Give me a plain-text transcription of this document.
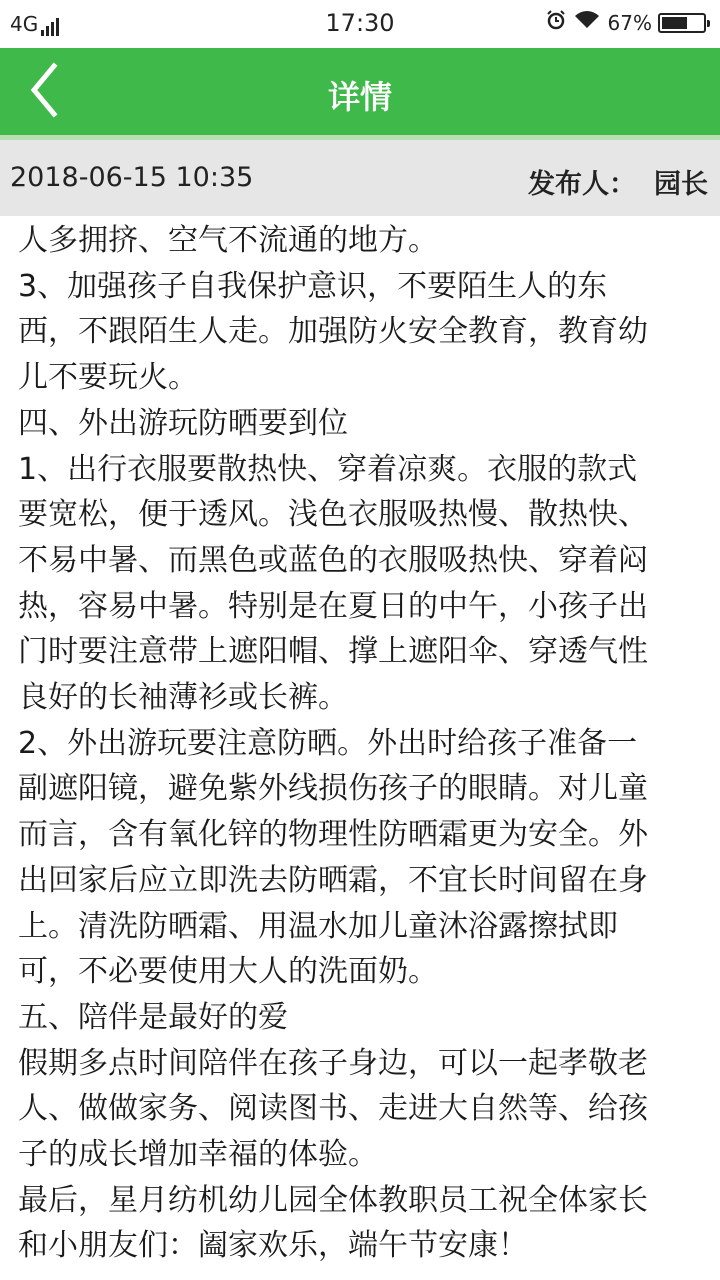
4G	17:30	67%
详情
2018-06-15 10:35	发布人： 园长

人多拥挤、空气不流通的地方。

3、加强孩子自我保护意识，不要陌生人的东

西，不跟陌生人走。加强防火安全教育，教育幼

儿不要玩火。

四、外出游玩防晒要到位

1、出行衣服要散热快、穿着凉爽。衣服的款式

要宽松，便于透风。浅色衣服吸热慢、散热快、

不易中暑、而黑色或蓝色的衣服吸热快、穿着闷

热，容易中暑。特别是在夏日的中午，小孩子出

门时要注意带上遮阳帽、撑上遮阳伞、穿透气性

良好的长袖薄衫或长裤。

2、外出游玩要注意防晒。外出时给孩子准备一

副遮阳镜，避免紫外线损伤孩子的眼睛。对儿童

而言，含有氧化锌的物理性防晒霜更为安全。外

出回家后应立即洗去防晒霜，不宜长时间留在身

上。清洗防晒霜、用温水加儿童沐浴露擦拭即

可，不必要使用大人的洗面奶。

五、陪伴是最好的爱

假期多点时间陪伴在孩子身边，可以一起孝敬老

人、做做家务、阅读图书、走进大自然等、给孩

子的成长增加幸福的体验。

最后，星月纺机幼儿园全体教职员工祝全体家长

和小朋友们：阖家欢乐，端午节安康！
